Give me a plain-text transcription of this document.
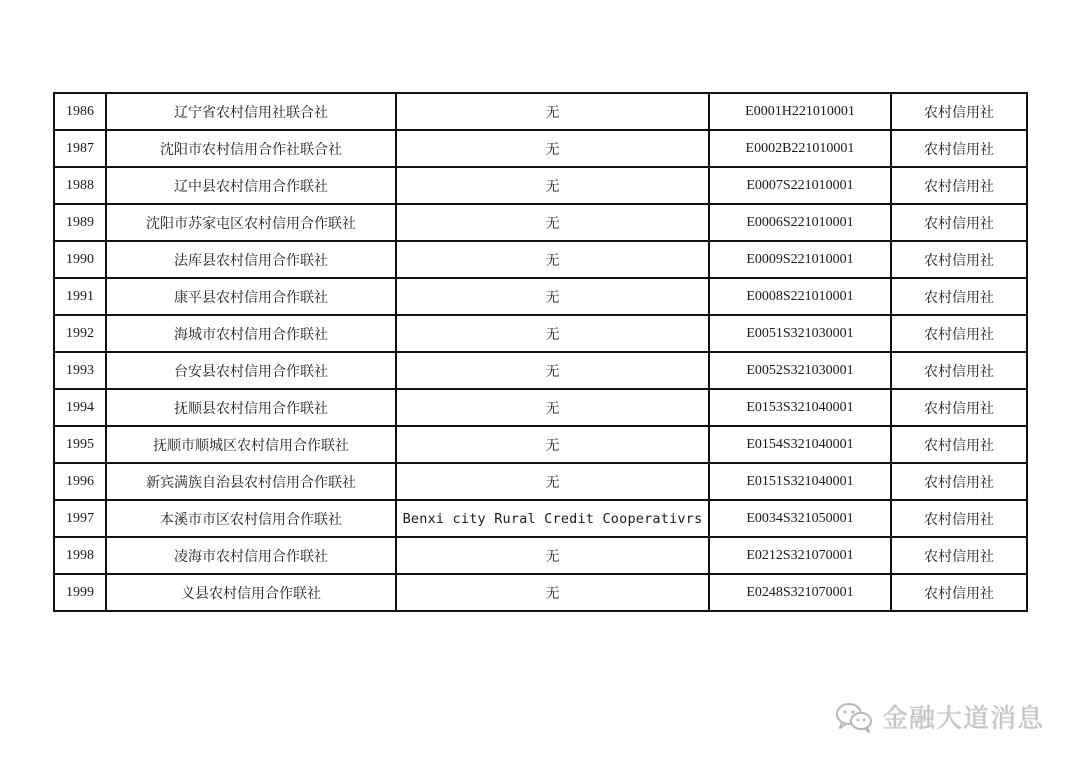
1986	辽宁省农村信用社联合社	无	E0001H221010001	农村信用社
1987	沈阳市农村信用合作社联合社	无	E0002B221010001	农村信用社
1988	辽中县农村信用合作联社	无	E0007S221010001	农村信用社
1989	沈阳市苏家屯区农村信用合作联社	无	E0006S221010001	农村信用社
1990	法库县农村信用合作联社	无	E0009S221010001	农村信用社
1991	康平县农村信用合作联社	无	E0008S221010001	农村信用社
1992	海城市农村信用合作联社	无	E0051S321030001	农村信用社
1993	台安县农村信用合作联社	无	E0052S321030001	农村信用社
1994	抚顺县农村信用合作联社	无	E0153S321040001	农村信用社
1995	抚顺市顺城区农村信用合作联社	无	E0154S321040001	农村信用社
1996	新宾满族自治县农村信用合作联社	无	E0151S321040001	农村信用社
1997	本溪市市区农村信用合作联社	Benxi city Rural Credit Cooperativrs	E0034S321050001	农村信用社
1998	凌海市农村信用合作联社	无	E0212S321070001	农村信用社
1999	义县农村信用合作联社	无	E0248S321070001	农村信用社
金融大道消息
